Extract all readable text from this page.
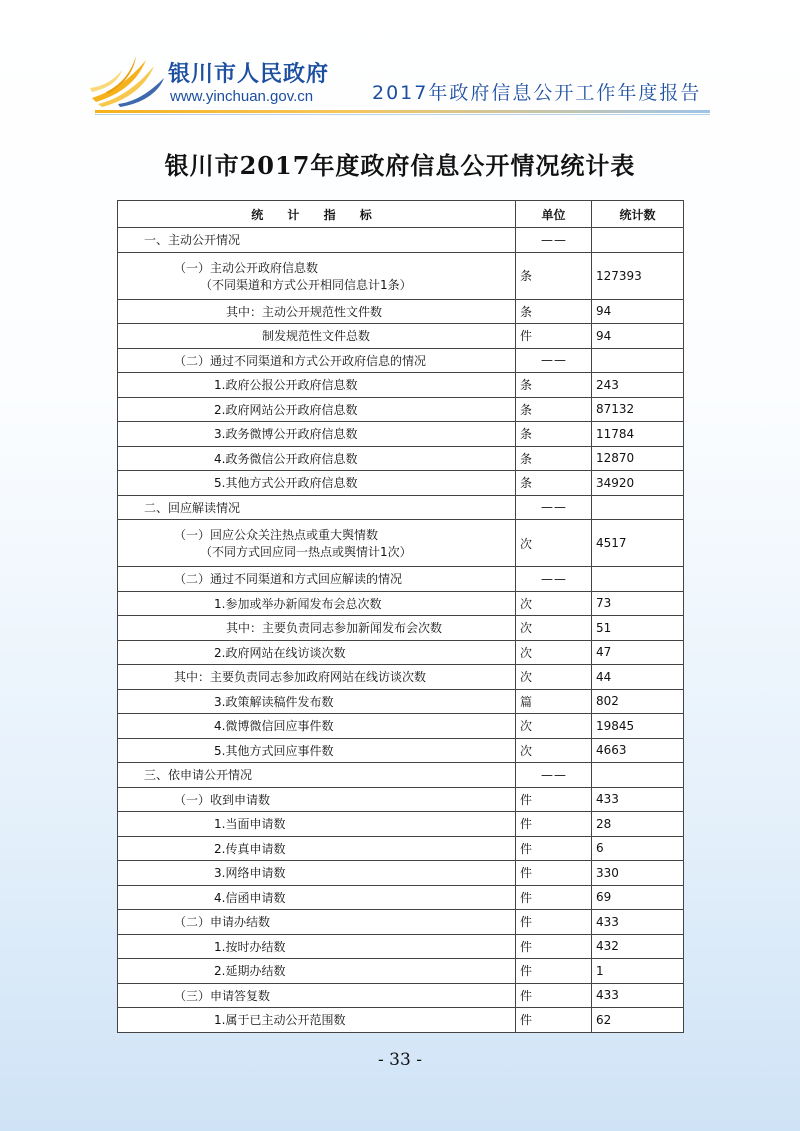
银川市人民政府
www.yinchuan.gov.cn	2017年政府信息公开工作年度报告
银川市2017年度政府信息公开情况统计表
统 计 指 标	单位	统计数
一、主动公开情况	——	
（一）主动公开政府信息数
（不同渠道和方式公开相同信息计1条）	条	127393
其中：主动公开规范性文件数	条	94
制发规范性文件总数	件	94
（二）通过不同渠道和方式公开政府信息的情况	——	
1.政府公报公开政府信息数	条	243
2.政府网站公开政府信息数	条	87132
3.政务微博公开政府信息数	条	11784
4.政务微信公开政府信息数	条	12870
5.其他方式公开政府信息数	条	34920
二、回应解读情况	——	
（一）回应公众关注热点或重大舆情数
（不同方式回应同一热点或舆情计1次）	次	4517
（二）通过不同渠道和方式回应解读的情况	——	
1.参加或举办新闻发布会总次数	次	73
其中：主要负责同志参加新闻发布会次数	次	51
2.政府网站在线访谈次数	次	47
其中：主要负责同志参加政府网站在线访谈次数	次	44
3.政策解读稿件发布数	篇	802
4.微博微信回应事件数	次	19845
5.其他方式回应事件数	次	4663
三、依申请公开情况	——	
（一）收到申请数	件	433
1.当面申请数	件	28
2.传真申请数	件	6
3.网络申请数	件	330
4.信函申请数	件	69
（二）申请办结数	件	433
1.按时办结数	件	432
2.延期办结数	件	1
（三）申请答复数	件	433
1.属于已主动公开范围数	件	62
- 33 -
